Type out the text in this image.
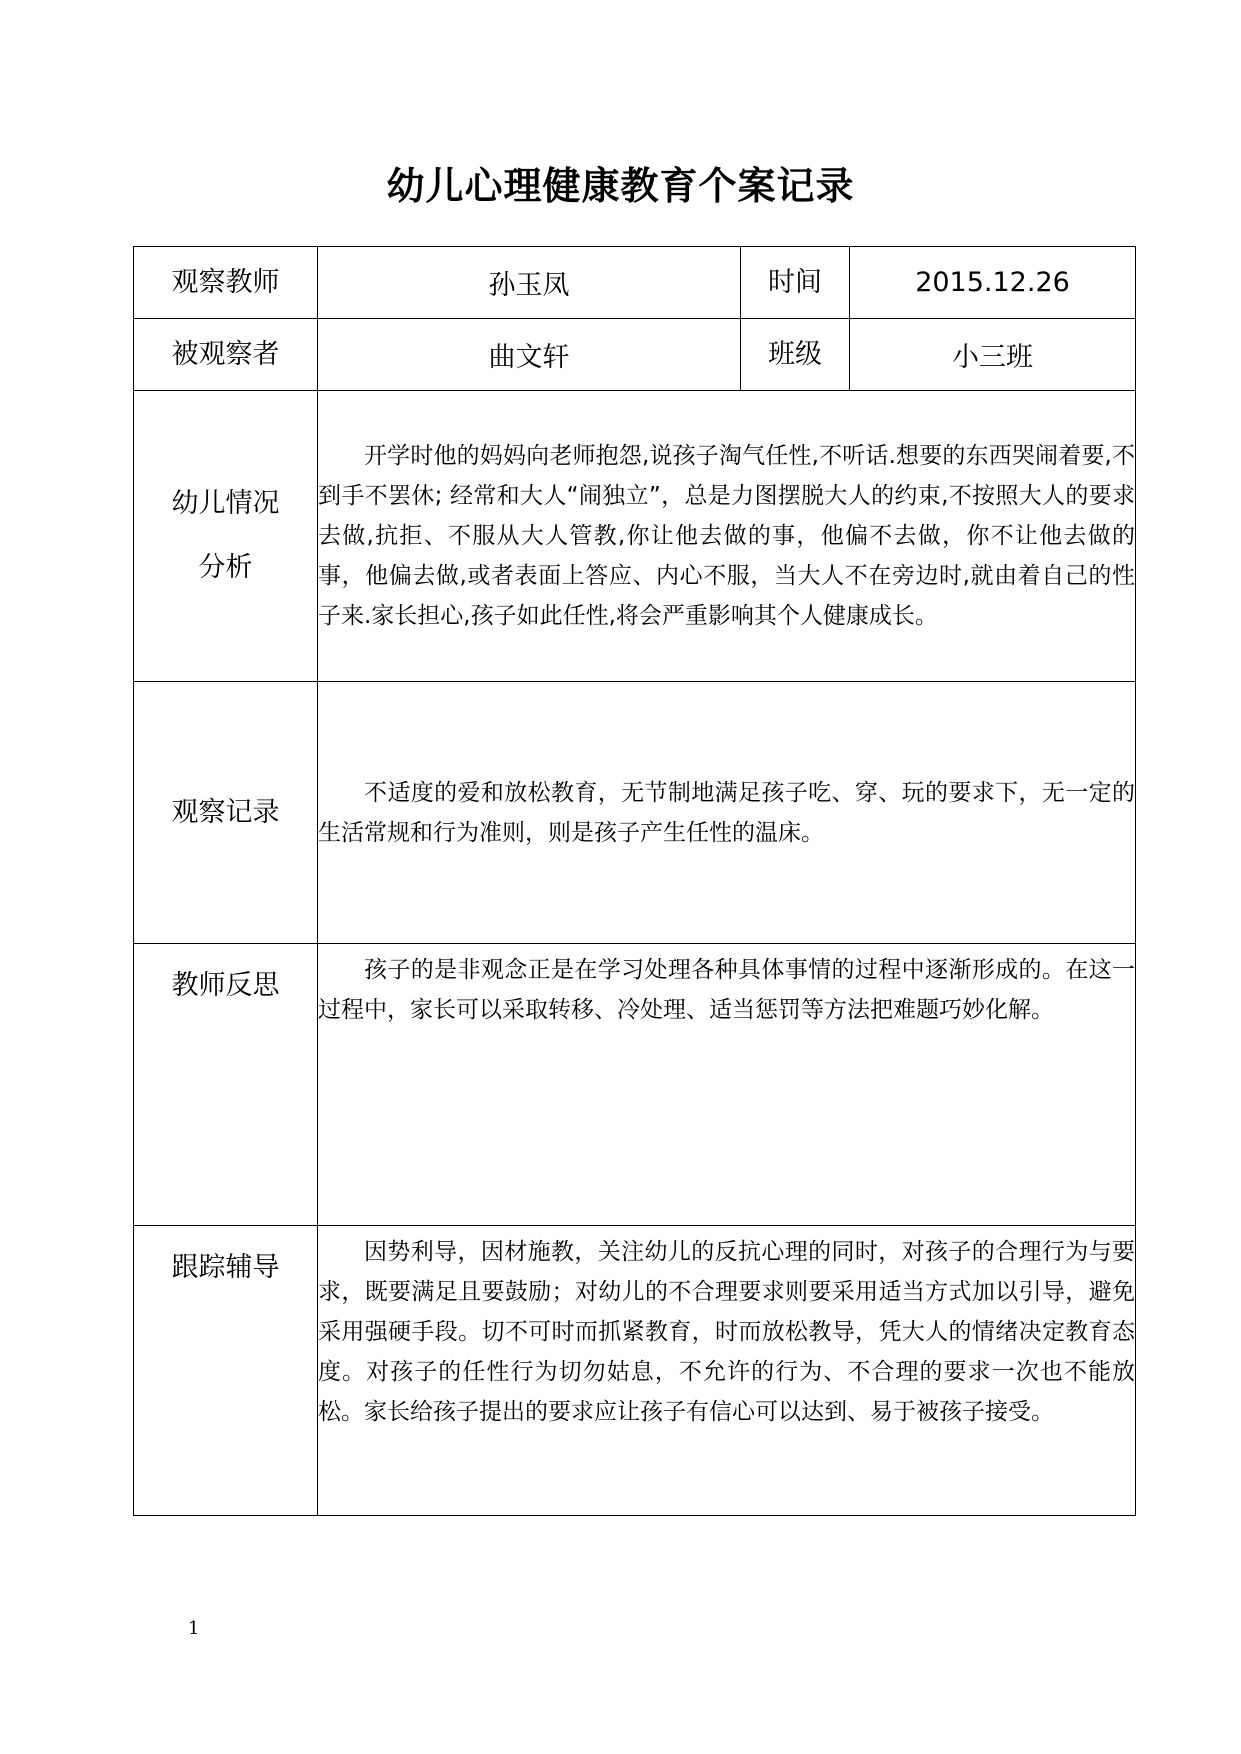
幼儿心理健康教育个案记录
观察教师	孙玉凤	时间	2015.12.26
被观察者	曲文轩	班级	小三班

幼儿情况
分析	开学时他的妈妈向老师抱怨,说孩子淘气任性,不听话.想要的东西哭闹着要,不到手不罢休; 经常和大人“闹独立”，总是力图摆脱大人的约束,不按照大人的要求去做,抗拒、不服从大人管教,你让他去做的事，他偏不去做，你不让他去做的事，他偏去做,或者表面上答应、内心不服，当大人不在旁边时,就由着自己的性子来.家长担心,孩子如此任性,将会严重影响其个人健康成长。		

观察记录	不适度的爱和放松教育，无节制地满足孩子吃、穿、玩的要求下，无一定的生活常规和行为准则，则是孩子产生任性的温床。		

教师反思	孩子的是非观念正是在学习处理各种具体事情的过程中逐渐形成的。在这一过程中，家长可以采取转移、冷处理、适当惩罚等方法把难题巧妙化解。		

跟踪辅导	因势利导，因材施教，关注幼儿的反抗心理的同时，对孩子的合理行为与要求，既要满足且要鼓励；对幼儿的不合理要求则要采用适当方式加以引导，避免采用强硬手段。切不可时而抓紧教育，时而放松教导，凭大人的情绪决定教育态度。对孩子的任性行为切勿姑息，不允许的行为、不合理的要求一次也不能放松。家长给孩子提出的要求应让孩子有信心可以达到、易于被孩子接受。		

1
